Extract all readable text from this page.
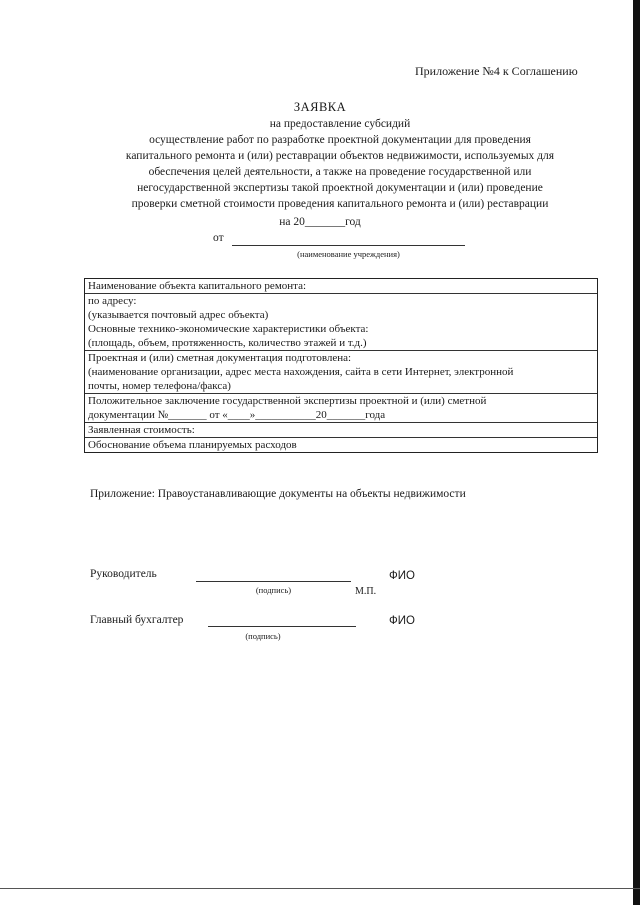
Приложение №4 к Соглашению
ЗАЯВКА
на предоставление субсидий
осуществление работ по разработке проектной документации для проведения
капитального ремонта и (или) реставрации объектов недвижимости, используемых для
обеспечения целей деятельности, а также на проведение государственной или
негосударственной экспертизы такой проектной документации и (или) проведение
проверки сметной стоимости проведения капитального ремонта и (или) реставрации
на 20_______год
от
(наименование учреждения)
Наименование объекта капитального ремонта:
по адресу:
(указывается почтовый адрес объекта)
Основные технико-экономические характеристики объекта:
(площадь, объем, протяженность, количество этажей и т.д.)
Проектная и (или) сметная документация подготовлена:
(наименование организации, адрес места нахождения, сайта в сети Интернет, электронной
почты, номер телефона/факса)
Положительное заключение государственной экспертизы проектной и (или) сметной
документации №_______ от «____»___________20_______года
Заявленная стоимость:
Обоснование объема планируемых расходов
Приложение: Правоустанавливающие документы на объекты недвижимости
Руководитель
(подпись)
ФИО
М.П.
Главный бухгалтер
(подпись)
ФИО
